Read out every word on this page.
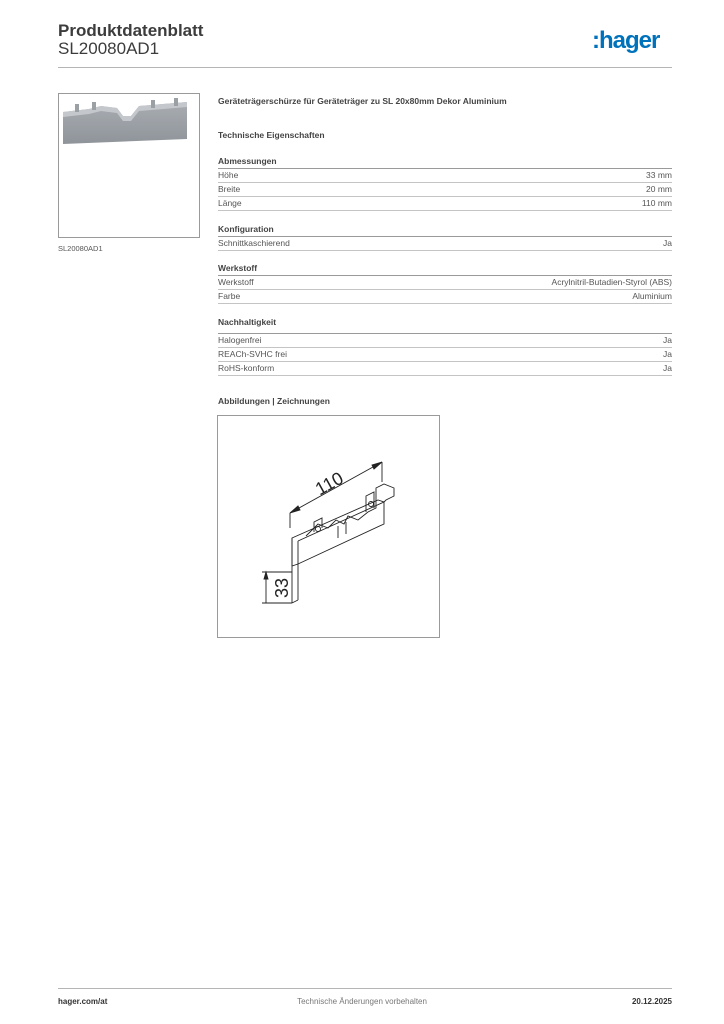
Produktdatenblatt
SL20080AD1	:hager
SL20080AD1
Geräteträgerschürze für Geräteträger zu SL 20x80mm Dekor Aluminium
Technische Eigenschaften
Abmessungen
Höhe	33 mm
Breite	20 mm
Länge	110 mm
Konfiguration
Schnittkaschierend	Ja
Werkstoff
Werkstoff	Acrylnitril-Butadien-Styrol (ABS)
Farbe	Aluminium
Nachhaltigkeit
Halogenfrei	Ja
REACh-SVHC frei	Ja
RoHS-konform	Ja
Abbildungen | Zeichnungen
110
33
hager.com/at	Technische Änderungen vorbehalten	20.12.2025
